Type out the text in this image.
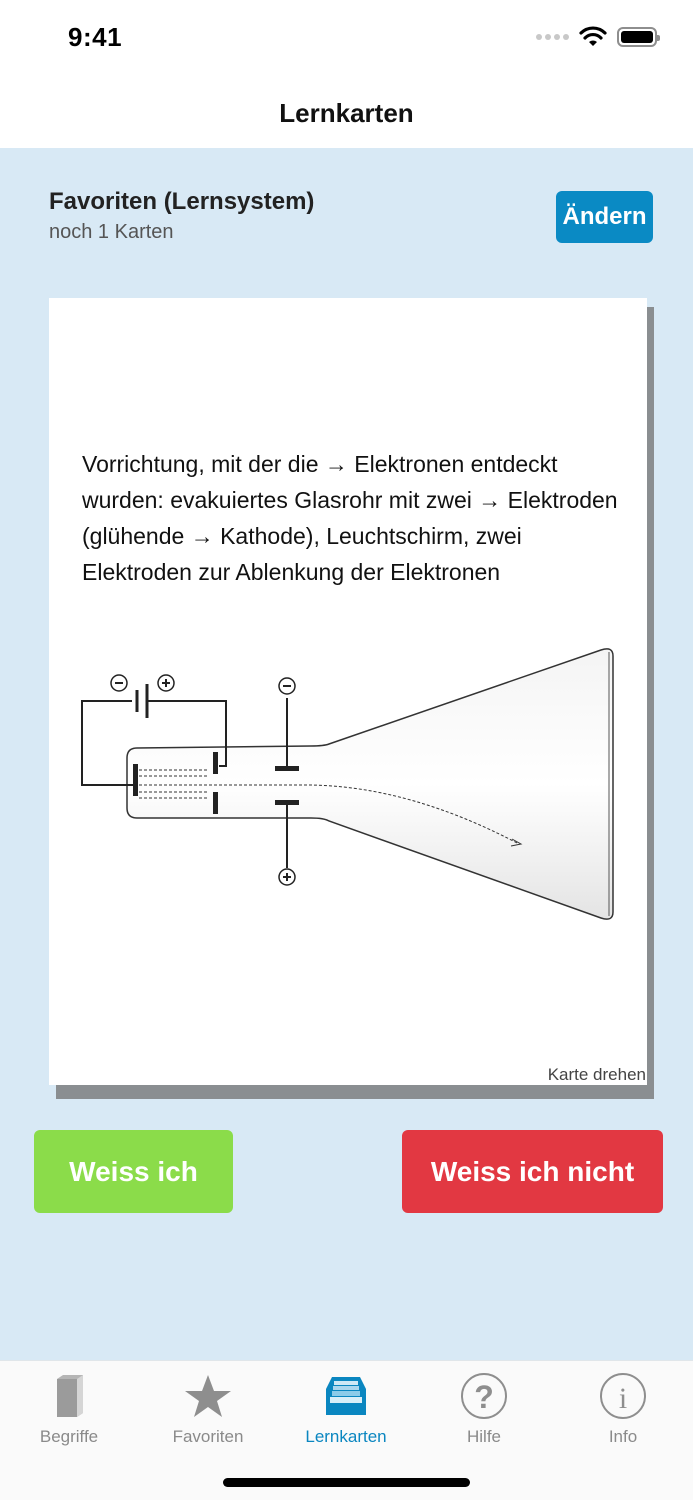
9:41
Lernkarten
Favoriten (Lernsystem)
noch 1 Karten
Ändern
Vorrichtung, mit der die → Elektronen entdeckt wurden: evakuiertes Glasrohr mit zwei → Elektroden (glühende → Kathode), Leuchtschirm, zwei Elektroden zur Ablenkung der Elektronen
Karte drehen
Weiss ich	Weiss ich nicht
Begriffe	Favoriten	Lernkarten
?
Hilfe
i
Info
